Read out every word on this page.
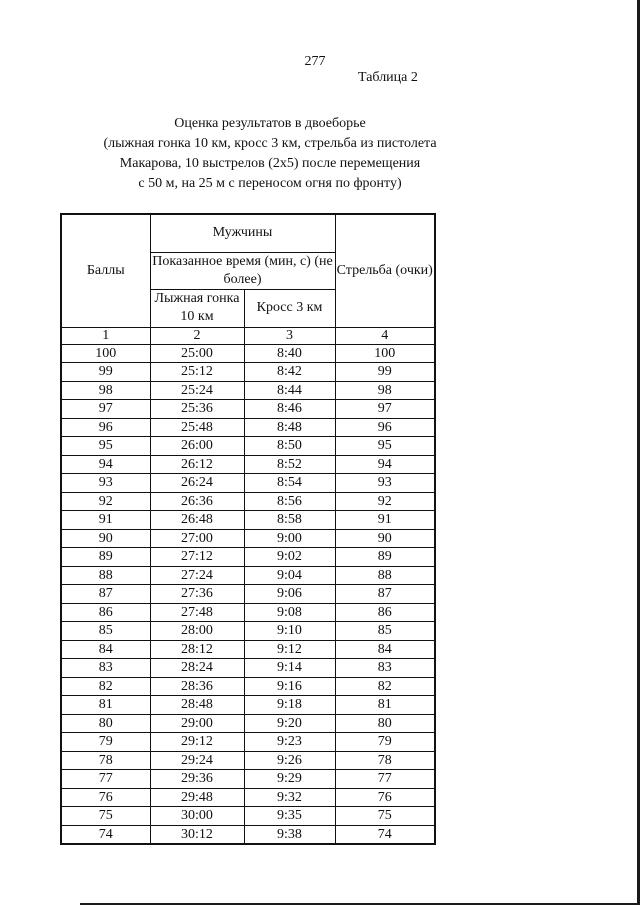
277
Таблица 2
Оценка результатов в двоеборье
(лыжная гонка 10 км, кросс 3 км, стрельба из пистолета
Макарова, 10 выстрелов (2x5) после перемещения
с 50 м, на 25 м с переносом огня по фронту)
Баллы	Мужчины		Стрельба (очки)
	Показанное время (мин, с) (не более)		
	Лыжная гонка 10 км	Кросс 3 км	
1	2	3	4
100	25:00	8:40	100
99	25:12	8:42	99
98	25:24	8:44	98
97	25:36	8:46	97
96	25:48	8:48	96
95	26:00	8:50	95
94	26:12	8:52	94
93	26:24	8:54	93
92	26:36	8:56	92
91	26:48	8:58	91
90	27:00	9:00	90
89	27:12	9:02	89
88	27:24	9:04	88
87	27:36	9:06	87
86	27:48	9:08	86
85	28:00	9:10	85
84	28:12	9:12	84
83	28:24	9:14	83
82	28:36	9:16	82
81	28:48	9:18	81
80	29:00	9:20	80
79	29:12	9:23	79
78	29:24	9:26	78
77	29:36	9:29	77
76	29:48	9:32	76
75	30:00	9:35	75
74	30:12	9:38	74
